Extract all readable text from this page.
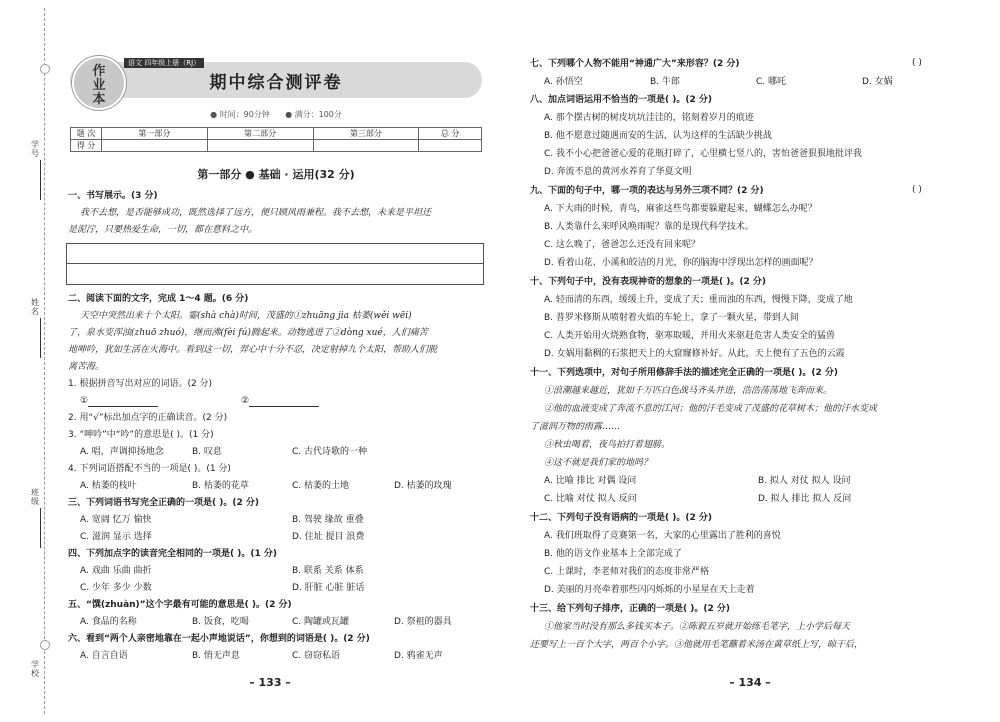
学号
姓名
班级
学校
作业本
语文 四年级上册（RJ）
期中综合测评卷
● 时间：90分钟 ● 满分：100分
题 次	第一部分	第二部分	第三部分	总 分
得 分				
第一部分 ● 基础 · 运用(32 分)
一、书写展示。(3 分)
我不去想，是否能够成功，既然选择了远方，便只顾风雨兼程。我不去想，未来是平坦还
是泥泞，只要热爱生命，一切，都在意料之中。
二、阅读下面的文字，完成 1～4 题。(6 分)
天空中突然出来十个太阳。霎(shà chà)时间，茂盛的①zhuāng jia 枯萎(wěi wēi)
了，泉水变浑浊(zhuō zhuó)，继而沸(fèi fú)腾起来。动物逃进了②dòng xué，人们痛苦
地呻吟，犹如生活在火海中。看到这一切，羿心中十分不忍，决定射掉九个太阳，帮助人们脱
离苦海。
1. 根据拼音写出对应的词语。(2 分)
①	②
2. 用“√”标出加点字的正确读音。(2 分)
3. “呻吟”中“吟”的意思是( )。(1 分)
A. 唱，声调抑扬地念	B. 叹息	C. 古代诗歌的一种
4. 下列词语搭配不当的一项是( )。(1 分)
A. 枯萎的枝叶	B. 枯萎的花草	C. 枯萎的土地	D. 枯萎的玫瑰
三、下列词语书写完全正确的一项是( )。(2 分)
A. 宽阔 忆万 愉快	B. 驾驶 缘故 重叠
C. 滋润 显示 选择	D. 住址 提目 浪费
四、下列加点字的读音完全相同的一项是( )。(1 分)
A. 戏曲 乐曲 曲折	B. 联系 关系 体系
C. 少年 多少 少数	D. 肝脏 心脏 脏话
五、“馔(zhuàn)”这个字最有可能的意思是( )。(2 分)
A. 食品的名称	B. 饭食，吃喝	C. 陶罐或瓦罐	D. 祭祖的器具
六、看到“两个人亲密地靠在一起小声地说话”，你想到的词语是( )。(2 分)
A. 自言自语	B. 悄无声息	C. 窃窃私语	D. 鸦雀无声
– 133 –
七、下列哪个人物不能用“神通广大”来形容？(2 分)	( )
A. 孙悟空	B. 牛郎	C. 哪吒	D. 女娲
八、加点词语运用不恰当的一项是( )。(2 分)
A. 那个摆古树的树皮坑坑洼洼的，铭刻着岁月的痕迹
B. 他不愿意过随遇而安的生活，认为这样的生活缺少挑战
C. 我不小心把爸爸心爱的花瓶打碎了，心里横七竖八的，害怕爸爸狠狠地批评我
D. 奔流不息的黄河水养育了华夏文明
九、下面的句子中，哪一项的表达与另外三项不同？(2 分)	( )
A. 下大雨的时候，青鸟，麻雀这些鸟都要躲避起来，蝴蝶怎么办呢？
B. 人类靠什么来呼风唤雨呢？靠的是现代科学技术。
C. 这么晚了，爸爸怎么还没有回来呢？
D. 看着山花、小溪和皎洁的月光，你的脑海中浮现出怎样的画面呢？
十、下列句子中，没有表现神奇的想象的一项是( )。(2 分)
A. 轻而清的东西，缓缓上升，变成了天；重而浊的东西，慢慢下降，变成了地
B. 普罗米修斯从喷射着火焰的车轮上，拿了一颗火星，带到人间
C. 人类开始用火烧熟食物，驱寒取暖，并用火来驱赶危害人类安全的猛兽
D. 女娲用黏稠的石浆把天上的大窟窿修补好。从此，天上便有了五色的云霞
十一、下列选项中，对句子所用修辞手法的描述完全正确的一项是( )。(2 分)
①浪潮越来越近，犹如千万匹白色战马齐头并进，浩浩荡荡地飞奔而来。
②他的血液变成了奔流不息的江河；他的汗毛变成了茂盛的花草树木；他的汗水变成
了滋润万物的雨露……
③秋虫喝着，夜鸟拍打着翅膀。
④这不就是我们家的地吗？
A. 比喻 排比 对偶 设问	B. 拟人 对仗 拟人 设问
C. 比喻 对仗 拟人 反问	D. 拟人 排比 拟人 反问
十二、下列句子没有语病的一项是( )。(2 分)
A. 我们班取得了竞赛第一名，大家的心里露出了胜利的喜悦
B. 他的语文作业基本上全部完成了
C. 上课时，李老师对我们的态度非常严格
D. 美丽的月亮牵着那些闪闪烁烁的小星星在天上走着
十三、给下列句子排序，正确的一项是( )。(2 分)
①他家当时没有那么多钱买本子。②陈毅五岁就开始练毛笔字，上小学后每天
还要写上一百个大字，两百个小字。③他就用毛笔蘸着米汤在黄草纸上写，晾干后，
– 134 –
